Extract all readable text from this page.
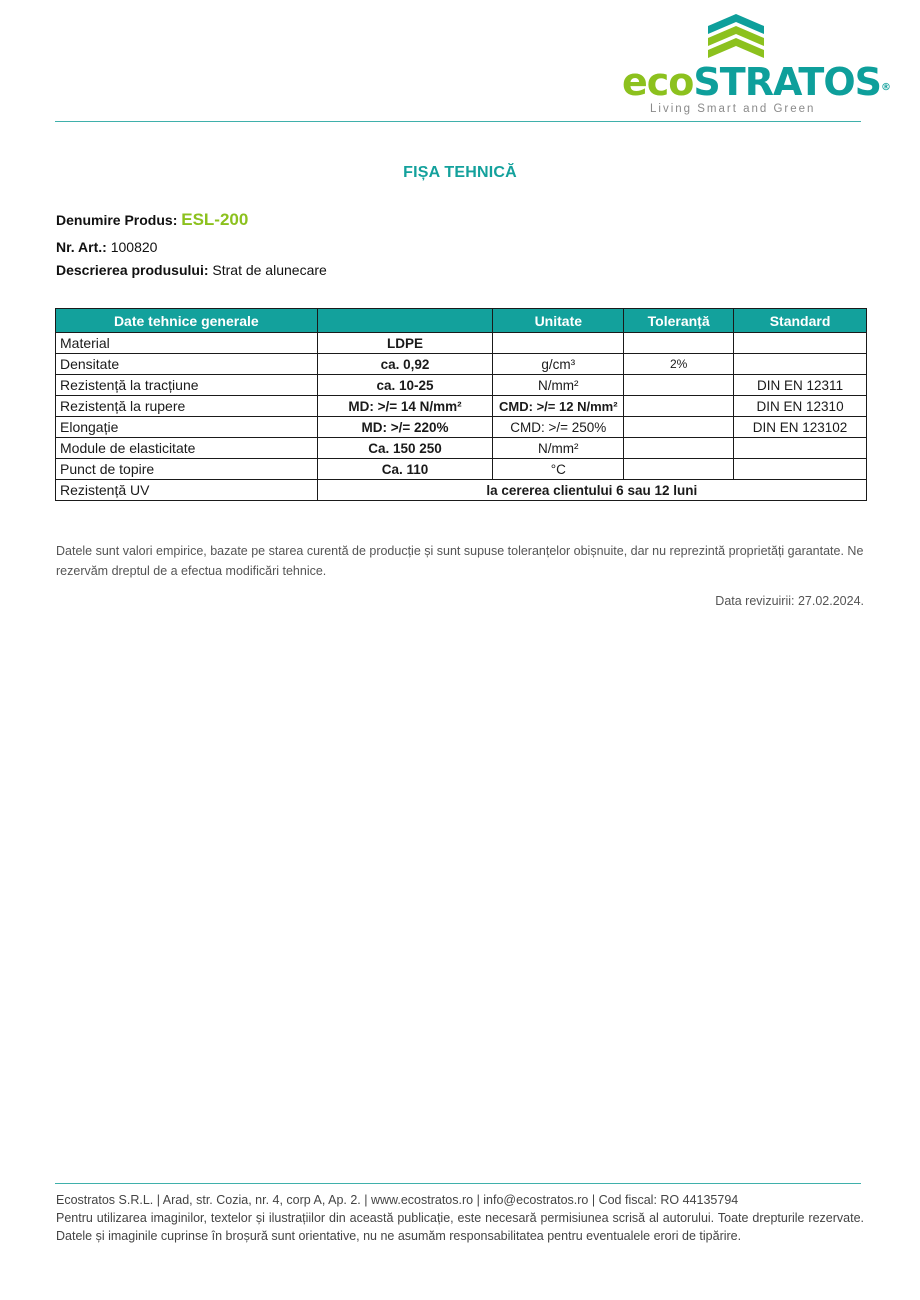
ecoSTRATOS®
Living Smart and Green
FIȘA TEHNICĂ
Denumire Produs: ESL-200
Nr. Art.: 100820
Descrierea produsului: Strat de alunecare
Date tehnice generale		Unitate	Toleranță	Standard
Material	LDPE			
Densitate	ca. 0,92	g/cm³	2%	
Rezistență la tracțiune	ca. 10-25	N/mm²		DIN EN 12311
Rezistență la rupere	MD: >/= 14 N/mm²	CMD: >/= 12 N/mm²		DIN EN 12310
Elongație	MD: >/= 220%	CMD: >/= 250%		DIN EN 123102
Module de elasticitate	Ca. 150 250	N/mm²		
Punct de topire	Ca. 110	°C		
Rezistență UV	la cererea clientului 6 sau 12 luni			
Datele sunt valori empirice, bazate pe starea curentă de producție și sunt supuse toleranțelor obișnuite, dar nu reprezintă proprietăți garantate. Ne rezervăm dreptul de a efectua modificări tehnice.
Data revizuirii: 27.02.2024.

Ecostratos S.R.L. | Arad, str. Cozia, nr. 4, corp A, Ap. 2. | www.ecostratos.ro | info@ecostratos.ro | Cod fiscal: RO 44135794

Pentru utilizarea imaginilor, textelor și ilustrațiilor din această publicație, este necesară permisiunea scrisă al autorului. Toate drepturile rezervate. Datele și imaginile cuprinse în broșură sunt orientative, nu ne asumăm responsabilitatea pentru eventualele erori de tipărire.
